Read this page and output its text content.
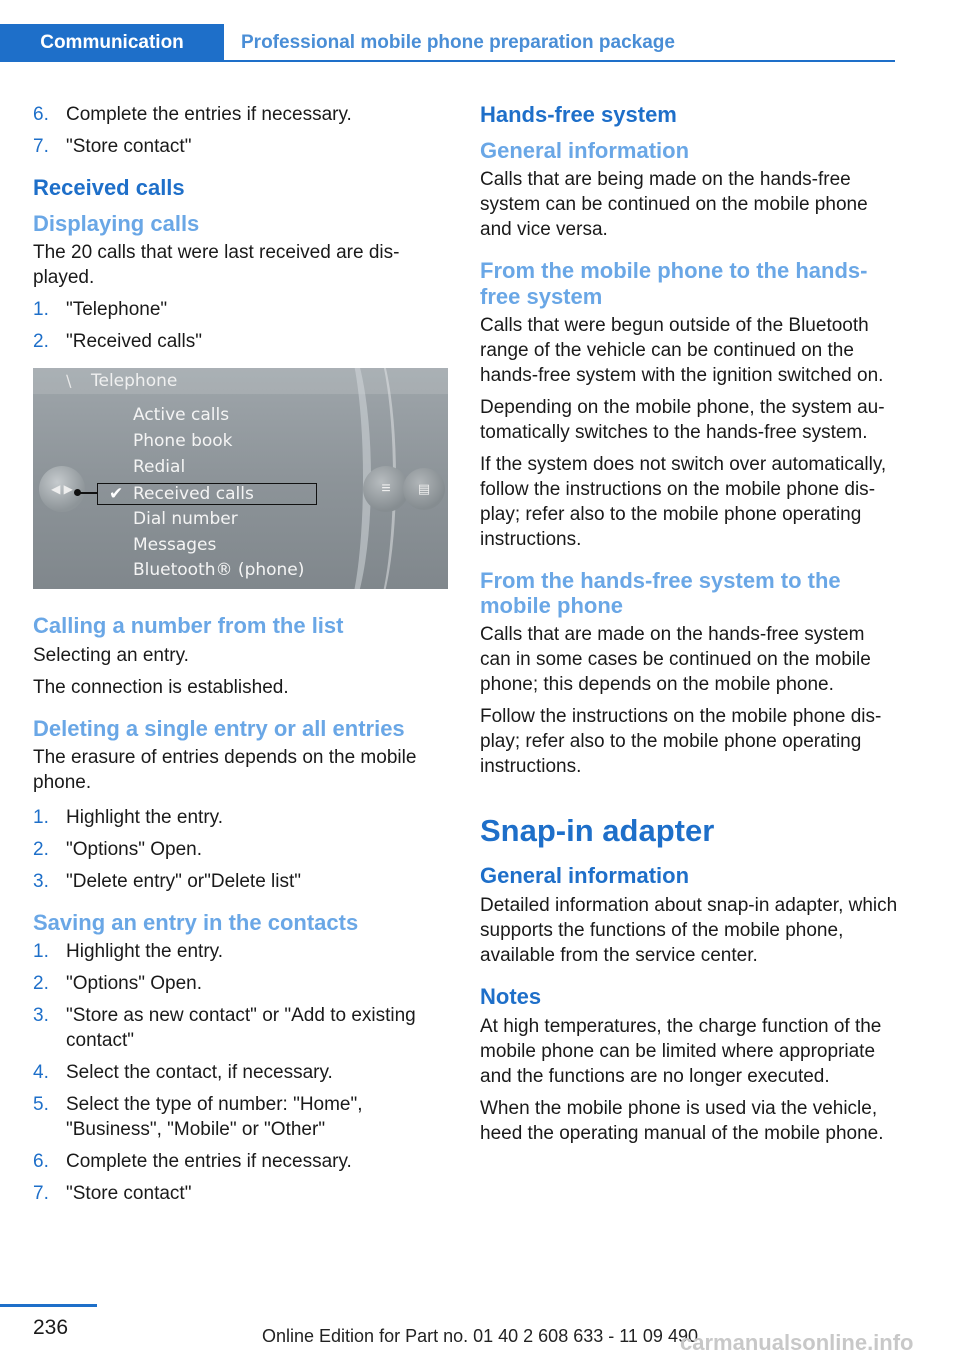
Communication	Professional mobile phone preparation package
6. Complete the entries if necessary.
7. "Store contact"
Received calls
Displaying calls

The 20 calls that were last received are displayed.

1. "Telephone"
2. "Received calls"
∖ Telephone
Active calls
Phone book
Redial
✔ Received calls
Dial number
Messages
Bluetooth® (phone)
◀ ▶	≡	▤
Calling a number from the list

Selecting an entry.

The connection is established.

Deleting a single entry or all entries

The erasure of entries depends on the mobile phone.

1. Highlight the entry.
2. "Options" Open.
3. "Delete entry" or"Delete list"
Saving an entry in the contacts
1. Highlight the entry.
2. "Options" Open.
3. "Store as new contact" or "Add to existing contact"
4. Select the contact, if necessary.
5. Select the type of number: "Home", "Business", "Mobile" or "Other"
6. Complete the entries if necessary.
7. "Store contact"
Hands-free system
General information

Calls that are being made on the hands-free system can be continued on the mobile phone and vice versa.

From the mobile phone to the hands-free system

Calls that were begun outside of the Bluetooth range of the vehicle can be continued on the hands-free system with the ignition switched on.

Depending on the mobile phone, the system automatically switches to the hands-free system.

If the system does not switch over automatically, follow the instructions on the mobile phone display; refer also to the mobile phone operating instructions.

From the hands-free system to the mobile phone

Calls that are made on the hands-free system can in some cases be continued on the mobile phone; this depends on the mobile phone.

Follow the instructions on the mobile phone display; refer also to the mobile phone operating instructions.

Snap-in adapter
General information

Detailed information about snap-in adapter, which supports the functions of the mobile phone, available from the service center.

Notes

At high temperatures, the charge function of the mobile phone can be limited where appropriate and the functions are no longer executed.

When the mobile phone is used via the vehicle, heed the operating manual of the mobile phone.

236	Online Edition for Part no. 01 40 2 608 633 - 11 09 490
carmanualsonline.info
